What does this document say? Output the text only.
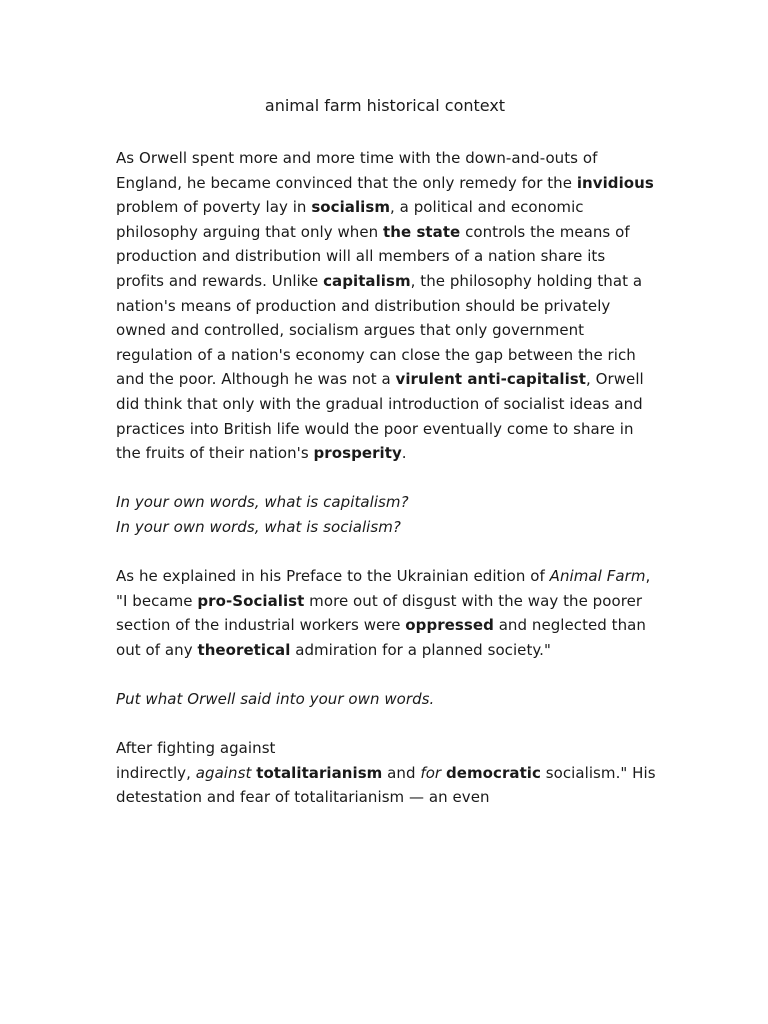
animal farm historical context

As Orwell spent more and more time with the down-and-outs of England, he became convinced that the only remedy for the invidious problem of poverty lay in socialism, a political and economic philosophy arguing that only when the state controls the means of production and distribution will all members of a nation share its profits and rewards. Unlike capitalism, the philosophy holding that a nation's means of production and distribution should be privately owned and controlled, socialism argues that only government regulation of a nation's economy can close the gap between the rich and the poor. Although he was not a virulent anti-capitalist, Orwell did think that only with the gradual introduction of socialist ideas and practices into British life would the poor eventually come to share in the fruits of their nation's prosperity.

In your own words, what is capitalism?
In your own words, what is socialism?

As he explained in his Preface to the Ukrainian edition of Animal Farm, "I became pro-Socialist more out of disgust with the way the poorer section of the industrial workers were oppressed and neglected than out of any theoretical admiration for a planned society."

Put what Orwell said into your own words.

After fighting against
indirectly, against totalitarianism and for democratic socialism." His detestation and fear of totalitarianism — an even
